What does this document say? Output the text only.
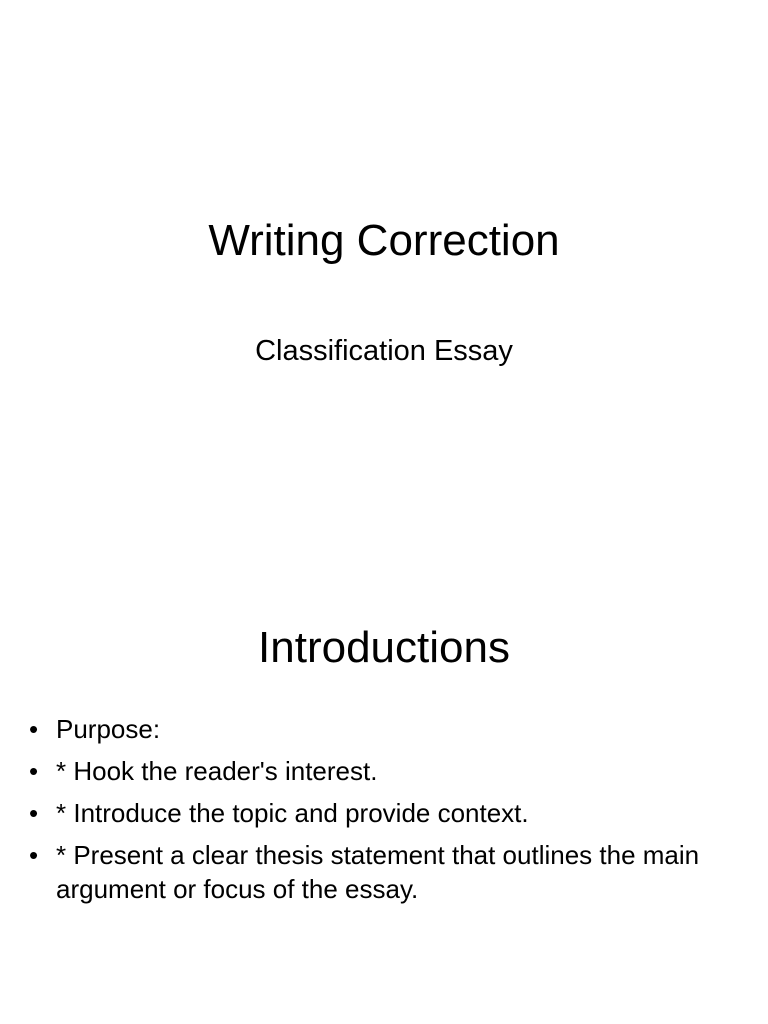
Writing Correction

Classification Essay

Introductions
• Purpose:
• * Hook the reader's interest.
• * Introduce the topic and provide context.
• * Present a clear thesis statement that outlines the main argument or focus of the essay.
